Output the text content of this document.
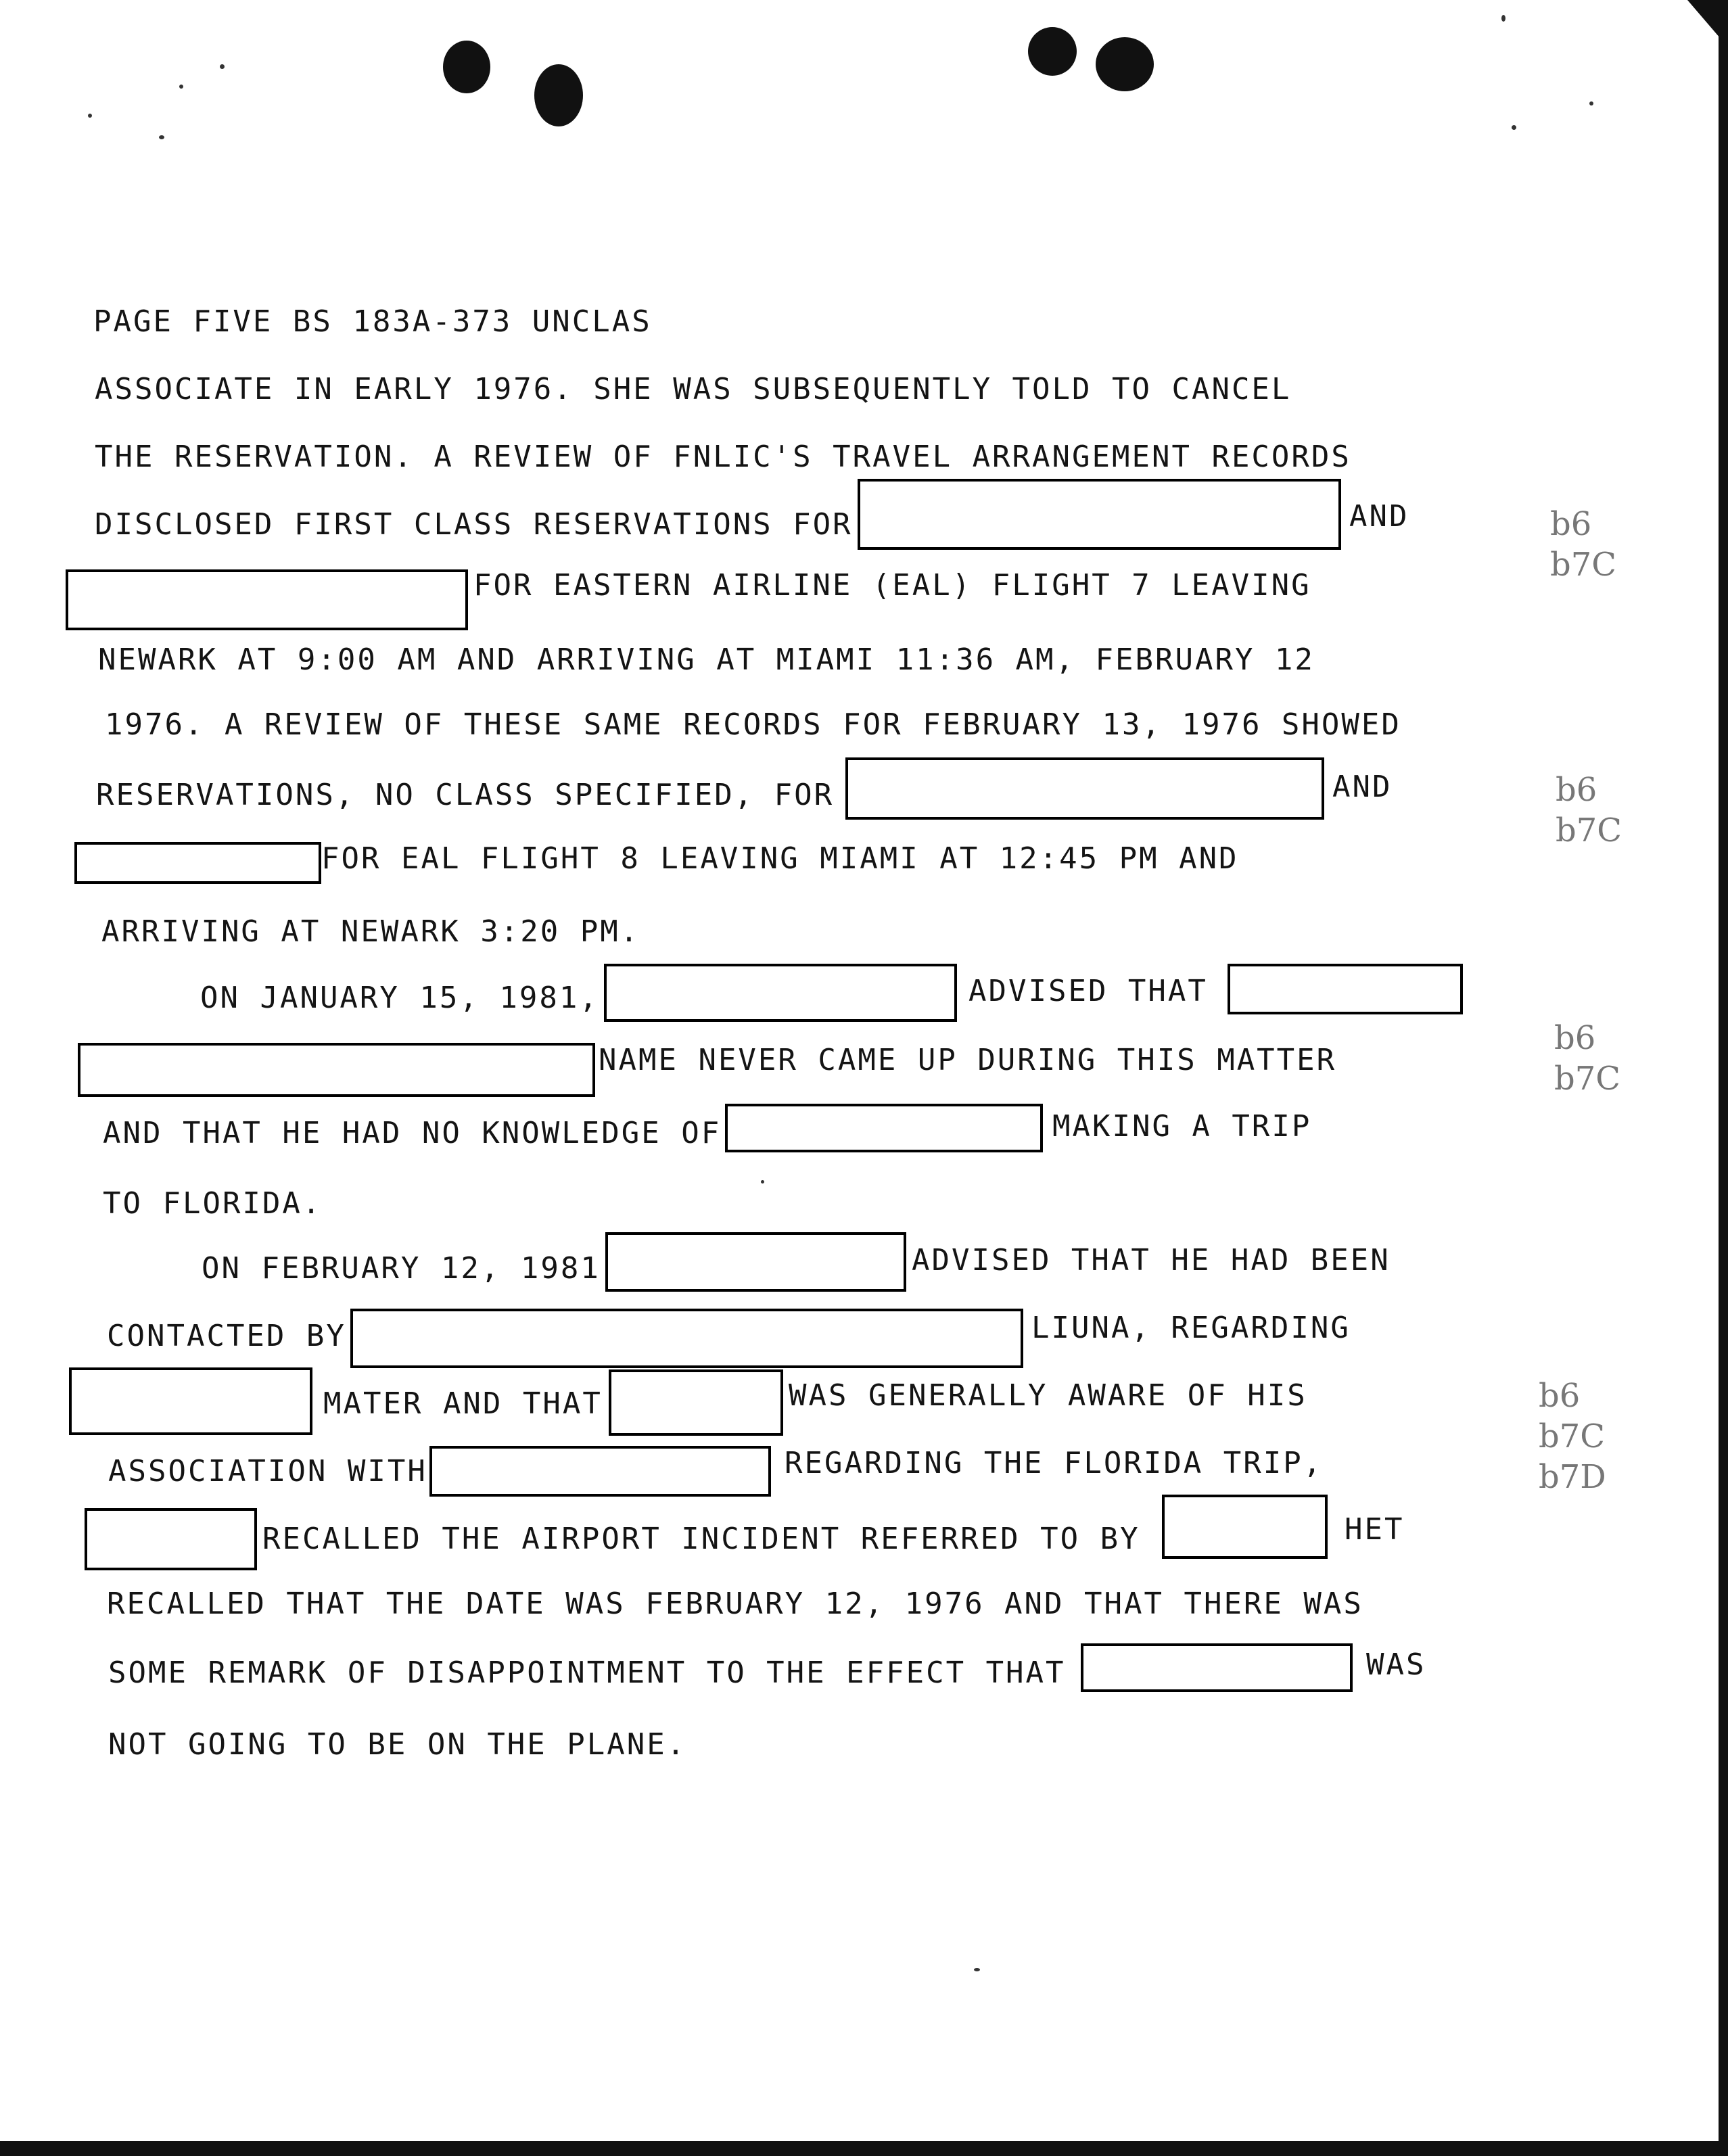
PAGE FIVE BS 183A-373 UNCLAS
ASSOCIATE IN EARLY 1976. SHE WAS SUBSEQUENTLY TOLD TO CANCEL
THE RESERVATION. A REVIEW OF FNLIC'S TRAVEL ARRANGEMENT RECORDS
DISCLOSED FIRST CLASS RESERVATIONS FOR	AND
FOR EASTERN AIRLINE (EAL) FLIGHT 7 LEAVING
NEWARK AT 9:00 AM AND ARRIVING AT MIAMI 11:36 AM, FEBRUARY 12
1976. A REVIEW OF THESE SAME RECORDS FOR FEBRUARY 13, 1976 SHOWED
RESERVATIONS, NO CLASS SPECIFIED, FOR	AND
FOR EAL FLIGHT 8 LEAVING MIAMI AT 12:45 PM AND
ARRIVING AT NEWARK 3:20 PM.
ON JANUARY 15, 1981,	ADVISED THAT
NAME NEVER CAME UP DURING THIS MATTER
AND THAT HE HAD NO KNOWLEDGE OF	MAKING A TRIP
TO FLORIDA.
ON FEBRUARY 12, 1981	ADVISED THAT HE HAD BEEN
CONTACTED BY	LIUNA, REGARDING
MATER AND THAT	WAS GENERALLY AWARE OF HIS
ASSOCIATION WITH	REGARDING THE FLORIDA TRIP,
RECALLED THE AIRPORT INCIDENT REFERRED TO BY	HET
RECALLED THAT THE DATE WAS FEBRUARY 12, 1976 AND THAT THERE WAS
SOME REMARK OF DISAPPOINTMENT TO THE EFFECT THAT	WAS
NOT GOING TO BE ON THE PLANE.
b6
b7C
b6
b7C
b6
b7C
b6
b7C
b7D
